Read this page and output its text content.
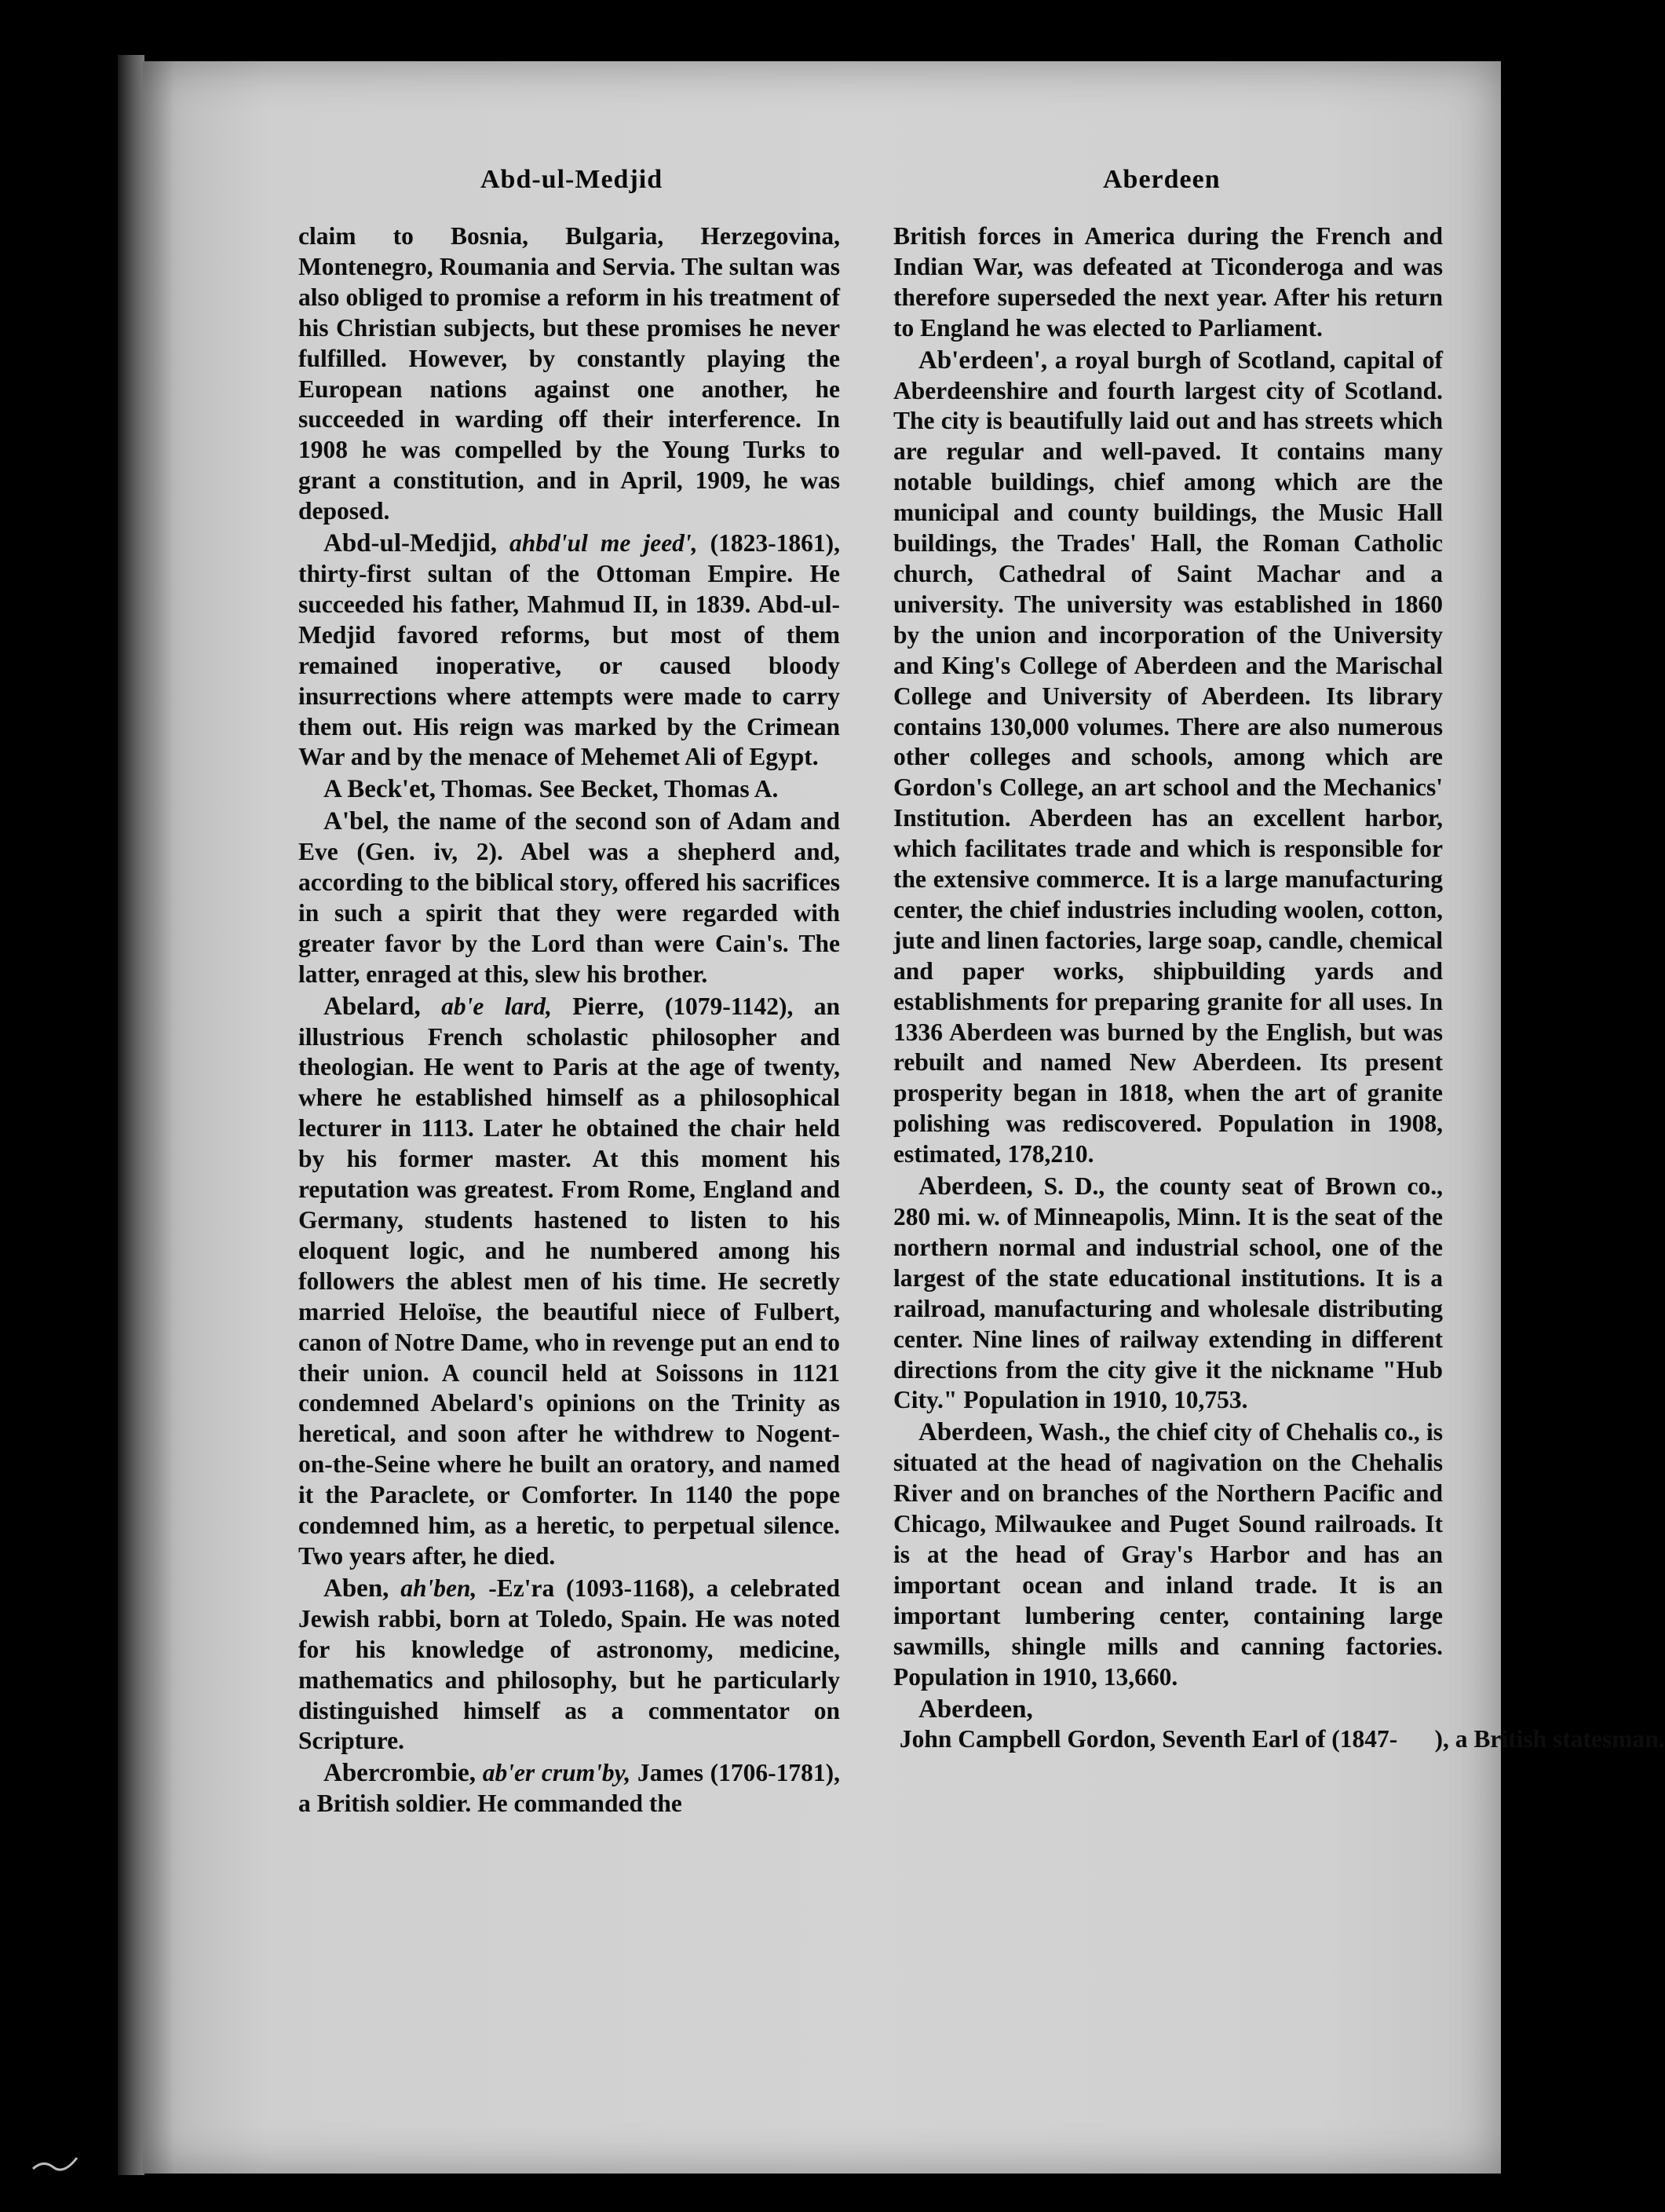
Abd-ul-Medjid	Aberdeen

claim to Bosnia, Bulgaria, Herzegovina, Montenegro, Roumania and Servia. The sultan was also obliged to promise a reform in his treatment of his Christian subjects, but these promises he never fulfilled. However, by constantly playing the European nations against one another, he succeeded in warding off their interference. In 1908 he was compelled by the Young Turks to grant a constitution, and in April, 1909, he was deposed.

Abd-ul-Medjid, ahbd'ul me jeed', (1823-1861), thirty-first sultan of the Ottoman Empire. He succeeded his father, Mahmud II, in 1839. Abd-ul-Medjid favored reforms, but most of them remained inoperative, or caused bloody insurrections where attempts were made to carry them out. His reign was marked by the Crimean War and by the menace of Mehemet Ali of Egypt.

A Beck'et, Thomas. See Becket, Thomas A.

A'bel, the name of the second son of Adam and Eve (Gen. iv, 2). Abel was a shepherd and, according to the biblical story, offered his sacrifices in such a spirit that they were regarded with greater favor by the Lord than were Cain's. The latter, enraged at this, slew his brother.

Abelard, ab'e lard, Pierre, (1079-1142), an illustrious French scholastic philosopher and theologian. He went to Paris at the age of twenty, where he established himself as a philosophical lecturer in 1113. Later he obtained the chair held by his former master. At this moment his reputation was greatest. From Rome, England and Germany, students hastened to listen to his eloquent logic, and he numbered among his followers the ablest men of his time. He secretly married Heloïse, the beautiful niece of Fulbert, canon of Notre Dame, who in revenge put an end to their union. A council held at Soissons in 1121 condemned Abelard's opinions on the Trinity as heretical, and soon after he withdrew to Nogent-on-the-Seine where he built an oratory, and named it the Paraclete, or Comforter. In 1140 the pope condemned him, as a heretic, to perpetual silence. Two years after, he died.

Aben, ah'ben, -Ez'ra (1093-1168), a celebrated Jewish rabbi, born at Toledo, Spain. He was noted for his knowledge of astronomy, medicine, mathematics and philosophy, but he particularly distinguished himself as a commentator on Scripture.

Abercrombie, ab'er crum'by, James (1706-1781), a British soldier. He commanded the

British forces in America during the French and Indian War, was defeated at Ticonderoga and was therefore superseded the next year. After his return to England he was elected to Parliament.

Ab'erdeen', a royal burgh of Scotland, capital of Aberdeenshire and fourth largest city of Scotland. The city is beautifully laid out and has streets which are regular and well-paved. It contains many notable buildings, chief among which are the municipal and county buildings, the Music Hall buildings, the Trades' Hall, the Roman Catholic church, Cathedral of Saint Machar and a university. The university was established in 1860 by the union and incorporation of the University and King's College of Aberdeen and the Marischal College and University of Aberdeen. Its library contains 130,000 volumes. There are also numerous other colleges and schools, among which are Gordon's College, an art school and the Mechanics' Institution. Aberdeen has an excellent harbor, which facilitates trade and which is responsible for the extensive commerce. It is a large manufacturing center, the chief industries including woolen, cotton, jute and linen factories, large soap, candle, chemical and paper works, shipbuilding yards and establishments for preparing granite for all uses. In 1336 Aberdeen was burned by the English, but was rebuilt and named New Aberdeen. Its present prosperity began in 1818, when the art of granite polishing was rediscovered. Population in 1908, estimated, 178,210.

Aberdeen, S. D., the county seat of Brown co., 280 mi. w. of Minneapolis, Minn. It is the seat of the northern normal and industrial school, one of the largest of the state educational institutions. It is a railroad, manufacturing and wholesale distributing center. Nine lines of railway extending in different directions from the city give it the nickname "Hub City." Population in 1910, 10,753.

Aberdeen, Wash., the chief city of Chehalis co., is situated at the head of nagivation on the Chehalis River and on branches of the Northern Pacific and Chicago, Milwaukee and Puget Sound railroads. It is at the head of Gray's Harbor and has an important ocean and inland trade. It is an important lumbering center, containing large sawmills, shingle mills and canning factories. Population in 1910, 13,660.

Aberdeen, John Campbell Gordon, Seventh Earl of (1847-      ), a British statesman.
